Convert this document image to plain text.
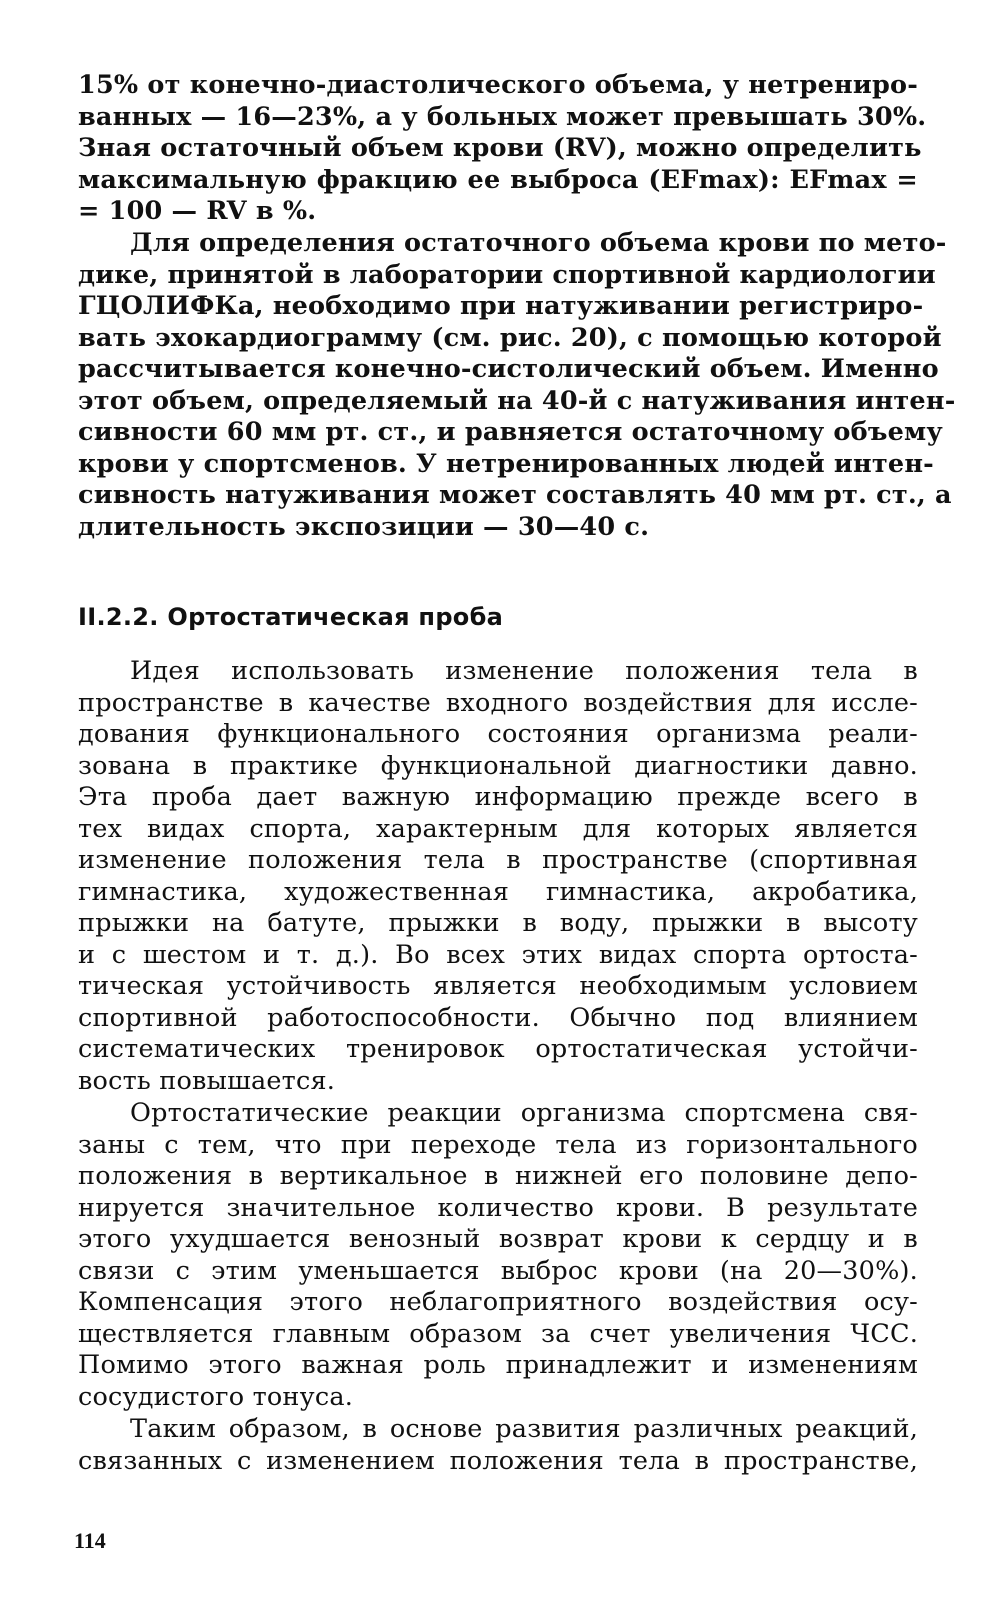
15% от конечно-диастолического объема, у нетрениро-
ванных — 16—23%, а у больных может превышать 30%.
Зная остаточный объем крови (RV), можно определить
максимальную фракцию ее выброса (EFmax): EFmax =
= 100 — RV в %.
Для определения остаточного объема крови по мето-
дике, принятой в лаборатории спортивной кардиологии
ГЦОЛИФКа, необходимо при натуживании регистриро-
вать эхокардиограмму (см. рис. 20), с помощью которой
рассчитывается конечно-систолический объем. Именно
этот объем, определяемый на 40-й с натуживания интен-
сивности 60 мм рт. ст., и равняется остаточному объему
крови у спортсменов. У нетренированных людей интен-
сивность натуживания может составлять 40 мм рт. ст., а
длительность экспозиции — 30—40 с.
II.2.2. Ортостатическая проба
Идея использовать изменение положения тела в
пространстве в качестве входного воздействия для иссле-
дования функционального состояния организма реали-
зована в практике функциональной диагностики давно.
Эта проба дает важную информацию прежде всего в
тех видах спорта, характерным для которых является
изменение положения тела в пространстве (спортивная
гимнастика, художественная гимнастика, акробатика,
прыжки на батуте, прыжки в воду, прыжки в высоту
и с шестом и т. д.). Во всех этих видах спорта ортоста-
тическая устойчивость является необходимым условием
спортивной работоспособности. Обычно под влиянием
систематических тренировок ортостатическая устойчи-
вость повышается.
Ортостатические реакции организма спортсмена свя-
заны с тем, что при переходе тела из горизонтального
положения в вертикальное в нижней его половине депо-
нируется значительное количество крови. В результате
этого ухудшается венозный возврат крови к сердцу и в
связи с этим уменьшается выброс крови (на 20—30%).
Компенсация этого неблагоприятного воздействия осу-
ществляется главным образом за счет увеличения ЧСС.
Помимо этого важная роль принадлежит и изменениям
сосудистого тонуса.
Таким образом, в основе развития различных реакций,
связанных с изменением положения тела в пространстве,
114
